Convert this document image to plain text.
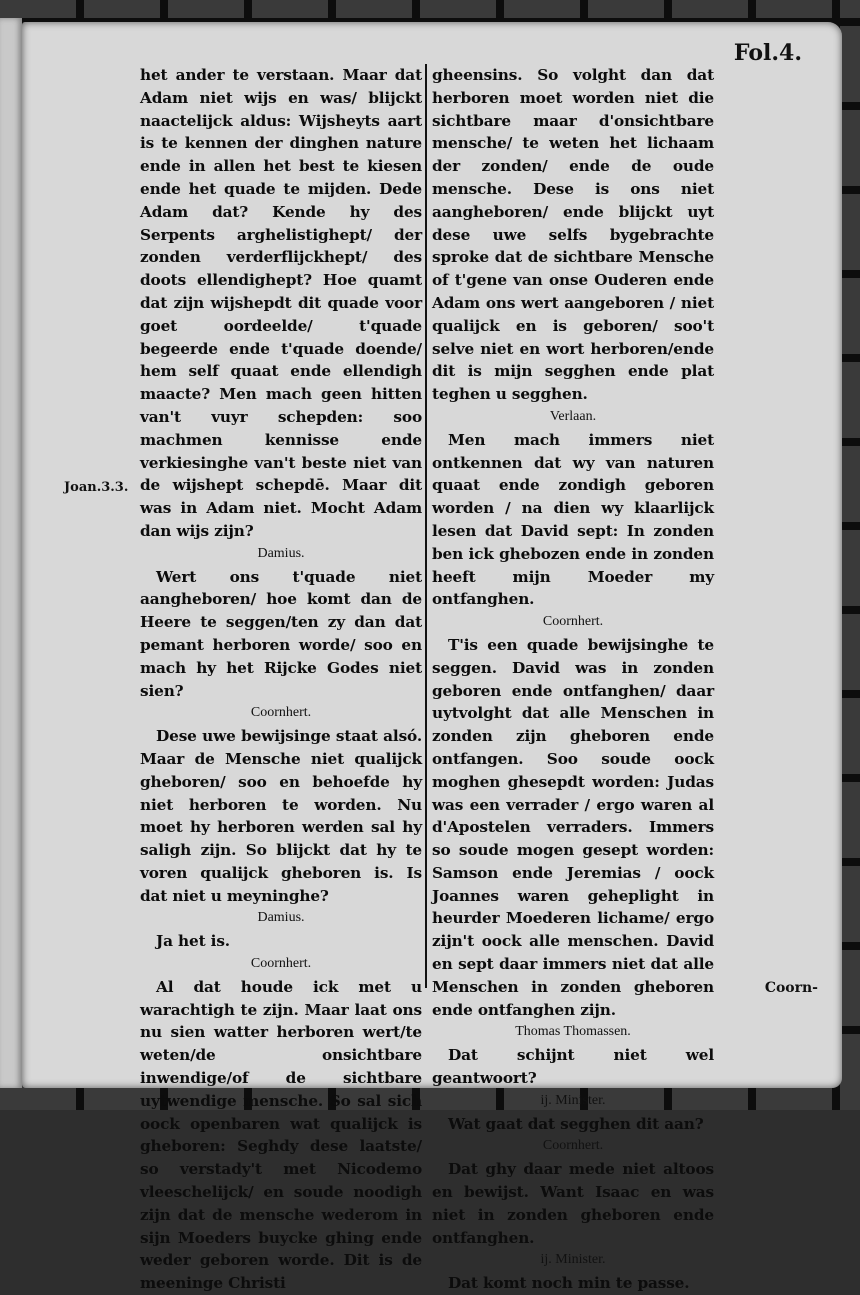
Fol.4.
Joan.3.3.

het ander te verstaan. Maar dat Adam niet wijs en was/ blijckt naactelijck aldus: Wijsheyts aart is te kennen der dinghen nature ende in allen het best te kiesen ende het quade te mijden. Dede Adam dat? Kende hy des Serpents arghelistighept/ der zonden verderflijckhept/ des doots ellendighept? Hoe quamt dat zijn wijshepdt dit quade voor goet oordeelde/ t'quade begeerde ende t'quade doende/ hem self quaat ende ellendigh maacte? Men mach geen hitten van't vuyr schepden: soo machmen kennisse ende verkiesinghe van't beste niet van de wijshept schepdē. Maar dit was in Adam niet. Mocht Adam dan wijs zijn?

Damius.

Wert ons t'quade niet aangheboren/ hoe komt dan de Heere te seggen/ten zy dan dat pemant herboren worde/ soo en mach hy het Rijcke Godes niet sien?

Coornhert.

Dese uwe bewijsinge staat alsó. Maar de Mensche niet qualijck gheboren/ soo en behoefde hy niet herboren te worden. Nu moet hy herboren werden sal hy saligh zijn. So blijckt dat hy te voren qualijck gheboren is. Is dat niet u meyninghe?

Damius.

Ja het is.

Coornhert.

Al dat houde ick met u warachtigh te zijn. Maar laat ons nu sien watter herboren wert/te weten/de onsichtbare inwendige/of de sichtbare uytwendige mensche. So sal sich oock openbaren wat qualijck is gheboren: Seghdy dese laatste/ so verstady't met Nicodemo vleeschelijck/ en soude noodigh zijn dat de mensche wederom in sijn Moeders buycke ghing ende weder geboren worde. Dit is de meeninge Christi

gheensins. So volght dan dat herboren moet worden niet die sichtbare maar d'onsichtbare mensche/ te weten het lichaam der zonden/ ende de oude mensche. Dese is ons niet aangheboren/ ende blijckt uyt dese uwe selfs bygebrachte sproke dat de sichtbare Mensche of t'gene van onse Ouderen ende Adam ons wert aangeboren / niet qualijck en is geboren/ soo't selve niet en wort herboren/ende dit is mijn segghen ende plat teghen u segghen.

Verlaan.

Men mach immers niet ontkennen dat wy van naturen quaat ende zondigh geboren worden / na dien wy klaarlijck lesen dat David sept: In zonden ben ick ghebozen ende in zonden heeft mijn Moeder my ontfanghen.

Coornhert.

T'is een quade bewijsinghe te seggen. David was in zonden geboren ende ontfanghen/ daar uytvolght dat alle Menschen in zonden zijn gheboren ende ontfangen. Soo soude oock moghen ghesepdt worden: Judas was een verrader / ergo waren al d'Apostelen verraders. Immers so soude mogen gesept worden: Samson ende Jeremias / oock Joannes waren geheplight in heurder Moederen lichame/ ergo zijn't oock alle menschen. David en sept daar immers niet dat alle Menschen in zonden gheboren ende ontfanghen zijn.

Thomas Thomassen.

Dat schijnt niet wel geantwoort?

ij. Minister.

Wat gaat dat segghen dit aan?

Coornhert.

Dat ghy daar mede niet altoos en bewijst. Want Isaac en was niet in zonden gheboren ende ontfanghen.

ij. Minister.

Dat komt noch min te passe.

Coorn-
